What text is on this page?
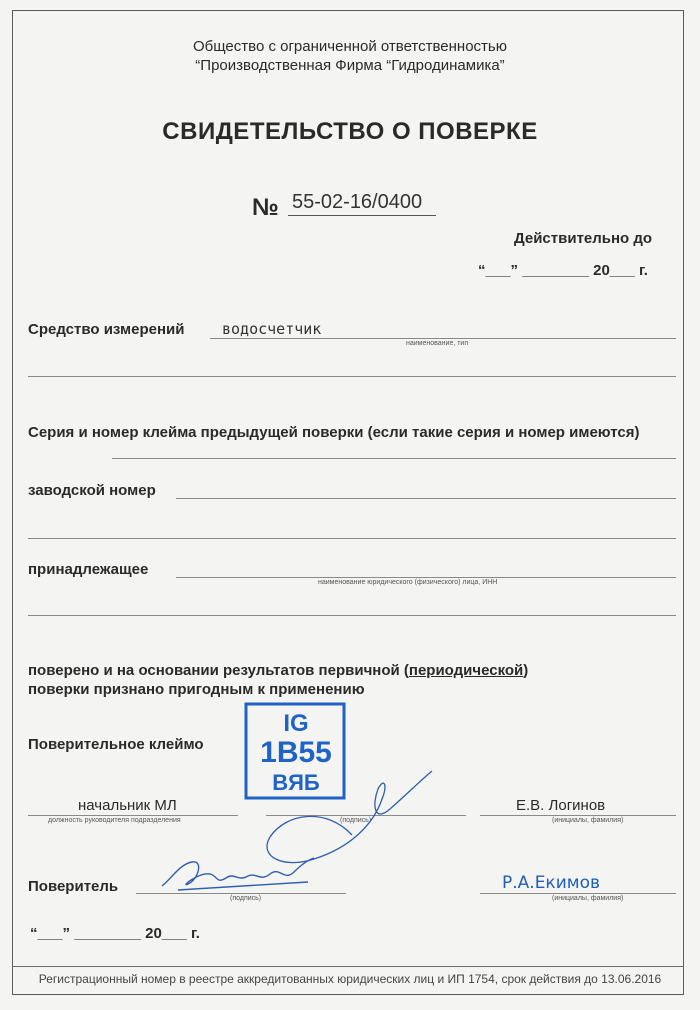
Общество с ограниченной ответственностью
“Производственная Фирма “Гидродинамика”
СВИДЕТЕЛЬСТВО О ПОВЕРКЕ
№ 55-02-16/0400
Действительно до
“___” ________ 20___ г.
Средство измерений	водосчетчик
наименование, тип
Серия и номер клейма предыдущей поверки (если такие серия и номер имеются)
заводской номер
принадлежащее
наименование юридического (физического) лица, ИНН
поверено и на основании результатов первичной (периодической)
поверки признано пригодным к применению
Поверительное клеймо
IG
1B55
BЯБ
начальник МЛ
должность руководителя подразделения	(подпись)
Е.В. Логинов
(инициалы, фамилия)
Поверитель
(подпись)
Р.А.Екимов
(инициалы, фамилия)
“___” ________ 20___ г.
Регистрационный номер в реестре аккредитованных юридических лиц и ИП 1754, срок действия до 13.06.2016
